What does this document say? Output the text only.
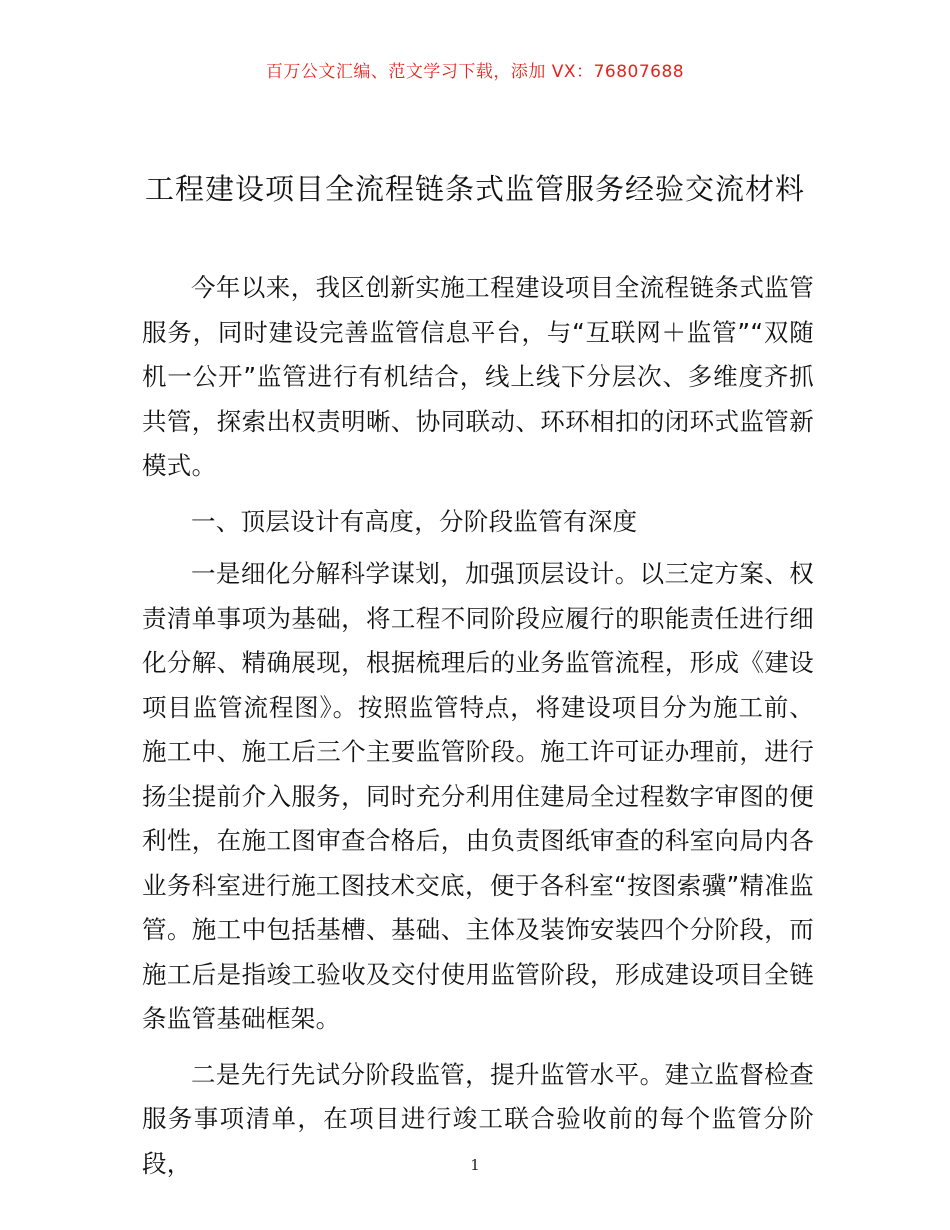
百万公文汇编、范文学习下载，添加 VX：76807688
工程建设项目全流程链条式监管服务经验交流材料

今年以来，我区创新实施工程建设项目全流程链条式监管服务，同时建设完善监管信息平台，与“互联网＋监管”“双随机一公开”监管进行有机结合，线上线下分层次、多维度齐抓共管，探索出权责明晰、协同联动、环环相扣的闭环式监管新模式。

一、顶层设计有高度，分阶段监管有深度

一是细化分解科学谋划，加强顶层设计。以三定方案、权责清单事项为基础，将工程不同阶段应履行的职能责任进行细化分解、精确展现，根据梳理后的业务监管流程，形成《建设项目监管流程图》。按照监管特点，将建设项目分为施工前、施工中、施工后三个主要监管阶段。施工许可证办理前，进行扬尘提前介入服务，同时充分利用住建局全过程数字审图的便利性，在施工图审查合格后，由负责图纸审查的科室向局内各业务科室进行施工图技术交底，便于各科室“按图索骥”精准监管。施工中包括基槽、基础、主体及装饰安装四个分阶段，而施工后是指竣工验收及交付使用监管阶段，形成建设项目全链条监管基础框架。

二是先行先试分阶段监管，提升监管水平。建立监督检查服务事项清单，在项目进行竣工联合验收前的每个监管分阶段，	1
